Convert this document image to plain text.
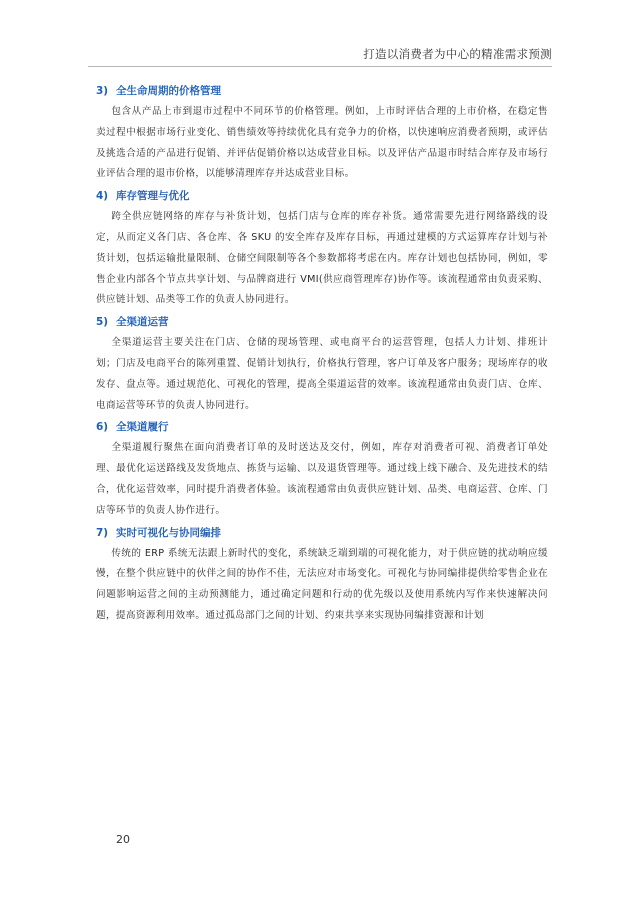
打造以消费者为中心的精准需求预测
3) 全生命周期的价格管理

包含从产品上市到退市过程中不同环节的价格管理。例如，上市时评估合理的上市价格，在稳定售卖过程中根据市场行业变化、销售绩效等持续优化具有竞争力的价格，以快速响应消费者预期，或评估及挑选合适的产品进行促销、并评估促销价格以达成营业目标。以及评估产品退市时结合库存及市场行业评估合理的退市价格，以能够清理库存并达成营业目标。

4) 库存管理与优化

跨全供应链网络的库存与补货计划，包括门店与仓库的库存补货。通常需要先进行网络路线的设定，从而定义各门店、各仓库、各 SKU 的安全库存及库存目标，再通过建模的方式运算库存计划与补货计划，包括运输批量限制、仓储空间限制等各个参数都将考虑在内。库存计划也包括协同，例如，零售企业内部各个节点共享计划、与品牌商进行 VMI(供应商管理库存)协作等。该流程通常由负责采购、供应链计划、品类等工作的负责人协同进行。

5) 全渠道运营

全渠道运营主要关注在门店、仓储的现场管理、或电商平台的运营管理，包括人力计划、排班计划；门店及电商平台的陈列重置、促销计划执行，价格执行管理，客户订单及客户服务；现场库存的收发存、盘点等。通过规范化、可视化的管理，提高全渠道运营的效率。该流程通常由负责门店、仓库、电商运营等环节的负责人协同进行。

6) 全渠道履行

全渠道履行聚焦在面向消费者订单的及时送达及交付，例如，库存对消费者可视、消费者订单处理、最优化运送路线及发货地点、拣货与运输、以及退货管理等。通过线上线下融合、及先进技术的结合，优化运营效率，同时提升消费者体验。该流程通常由负责供应链计划、品类、电商运营、仓库、门店等环节的负责人协作进行。

7) 实时可视化与协同编排

传统的 ERP 系统无法跟上新时代的变化，系统缺乏端到端的可视化能力，对于供应链的扰动响应缓慢，在整个供应链中的伙伴之间的协作不佳，无法应对市场变化。可视化与协同编排提供给零售企业在问题影响运营之间的主动预测能力，通过确定问题和行动的优先级以及使用系统内写作来快速解决问题，提高资源利用效率。通过孤岛部门之间的计划、约束共享来实现协同编排资源和计划

20
